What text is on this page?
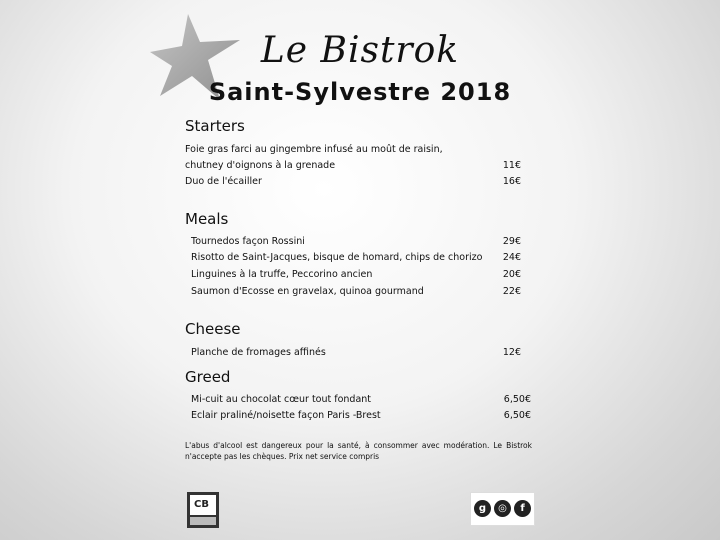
Le Bistrok
Saint-Sylvestre 2018
Starters
Foie gras farci au gingembre infusé au moût de raisin,
chutney d'oignons à la grenade	11€
Duo de l'écailler	16€
Meals
Tournedos façon Rossini	29€
Risotto de Saint-Jacques, bisque de homard, chips de chorizo 24€
Linguines à la truffe, Peccorino ancien	20€
Saumon d'Ecosse en gravelax, quinoa gourmand	22€
Cheese
Planche de fromages affinés	12€
Greed
Mi-cuit au chocolat cœur tout fondant	6,50€
Eclair praliné/noisette façon Paris -Brest	6,50€
L'abus d'alcool est dangereux pour la santé, à consommer avec modération. Le Bistrok n'accepte pas les chèques. Prix net service compris
CB	g	◎	f
